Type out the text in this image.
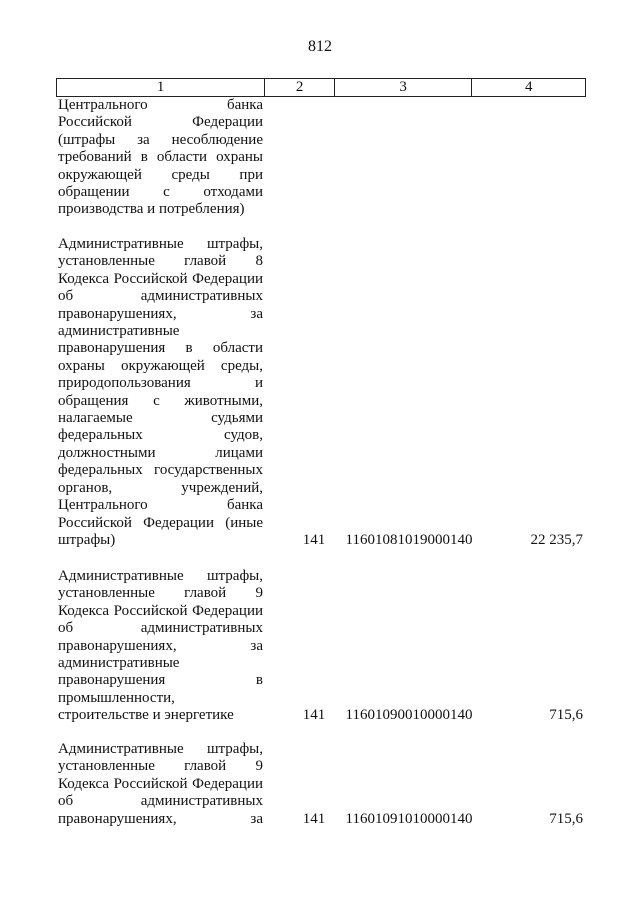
812
1	2	3	4
Центрального банка
Российской Федерации
(штрафы за несоблюдение
требований в области охраны
окружающей среды при
обращении с отходами
производства и потребления)
Административные штрафы,
установленные главой 8
Кодекса Российской Федерации
об административных
правонарушениях, за
административные
правонарушения в области
охраны окружающей среды,
природопользования и
обращения с животными,
налагаемые судьями
федеральных судов,
должностными лицами
федеральных государственных
органов, учреждений,
Центрального банка
Российской Федерации (иные
штрафы)	141	11601081019000140	22 235,7
Административные штрафы,
установленные главой 9
Кодекса Российской Федерации
об административных
правонарушениях, за
административные
правонарушения в
промышленности,
строительстве и энергетике	141	11601090010000140	715,6
Административные штрафы,
установленные главой 9
Кодекса Российской Федерации
об административных
правонарушениях, за	141	11601091010000140	715,6
